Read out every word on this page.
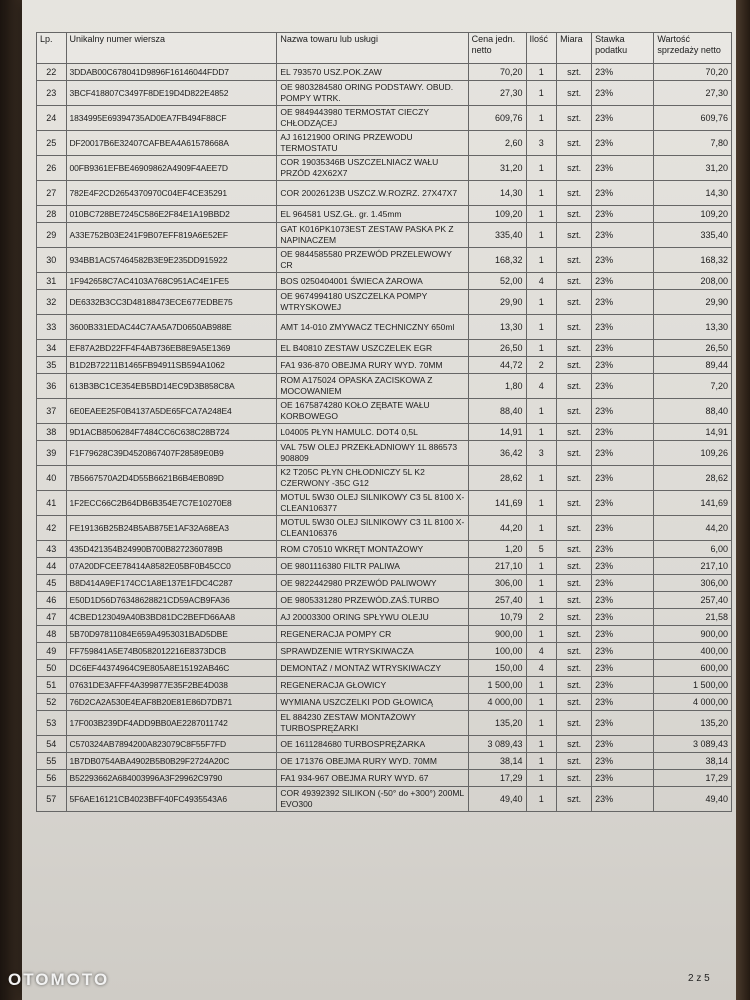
Lp.	Unikalny numer wiersza	Nazwa towaru lub usługi	Cena jedn. netto	Ilość	Miara	Stawka podatku	Wartość sprzedaży netto
22	3DDAB00C678041D9896F16146044FDD7	EL 793570 USZ.POK.ZAW	70,20	1	szt.	23%	70,20
23	3BCF418807C3497F8DE19D4D822E4852	OE 9803284580 ORING PODSTAWY. OBUD. POMPY WTRK.	27,30	1	szt.	23%	27,30
24	1834995E69394735AD0EA7FB494F88CF	OE 9849443980 TERMOSTAT CIECZY CHŁODZĄCEJ	609,76	1	szt.	23%	609,76
25	DF20017B6E32407CAFBEA4A61578668A	AJ 16121900 ORING PRZEWODU TERMOSTATU	2,60	3	szt.	23%	7,80
26	00FB9361EFBE46909862A4909F4AEE7D	COR 19035346B USZCZELNIACZ WAŁU PRZÓD 42X62X7	31,20	1	szt.	23%	31,20
27	782E4F2CD2654370970C04EF4CE35291	COR 20026123B USZCZ.W.ROZRZ. 27X47X7	14,30	1	szt.	23%	14,30
28	010BC728BE7245C586E2F84E1A19BBD2	EL 964581 USZ.GŁ. gr. 1.45mm	109,20	1	szt.	23%	109,20
29	A33E752B03E241F9B07EFF819A6E52EF	GAT K016PK1073EST ZESTAW PASKA PK Z NAPINACZEM	335,40	1	szt.	23%	335,40
30	934BB1AC57464582B3E9E235DD915922	OE 9844585580 PRZEWÓD PRZELEWOWY CR	168,32	1	szt.	23%	168,32
31	1F942658C7AC4103A768C951AC4E1FE5	BOS 0250404001 ŚWIECA ŻAROWA	52,00	4	szt.	23%	208,00
32	DE6332B3CC3D48188473ECE677EDBE75	OE 9674994180 USZCZELKA POMPY WTRYSKOWEJ	29,90	1	szt.	23%	29,90
33	3600B331EDAC44C7AA5A7D0650AB988E	AMT 14-010 ZMYWACZ TECHNICZNY 650ml	13,30	1	szt.	23%	13,30
34	EF87A2BD22FF4F4AB736EB8E9A5E1369	EL B40810 ZESTAW USZCZELEK EGR	26,50	1	szt.	23%	26,50
35	B1D2B72211B1465FB94911SB594A1062	FA1 936-870 OBEJMA RURY WYD. 70MM	44,72	2	szt.	23%	89,44
36	613B3BC1CE354EB5BD14EC9D3B858C8A	ROM A175024 OPASKA ZACISKOWA Z MOCOWANIEM	1,80	4	szt.	23%	7,20
37	6E0EAEE25F0B4137A5DE65FCA7A248E4	OE 1675874280 KOŁO ZĘBATE WAŁU KORBOWEGO	88,40	1	szt.	23%	88,40
38	9D1ACB8506284F7484CC6C638C28B724	L04005 PŁYN HAMULC. DOT4 0,5L	14,91	1	szt.	23%	14,91
39	F1F79628C39D4520867407F28589E0B9	VAL 75W OLEJ PRZEKŁADNIOWY 1L 886573 908809	36,42	3	szt.	23%	109,26
40	7B5667570A2D4D55B6621B6B4EB089D	K2 T205C PŁYN CHŁODNICZY 5L K2 CZERWONY -35C G12	28,62	1	szt.	23%	28,62
41	1F2ECC66C2B64DB6B354E7C7E10270E8	MOTUL 5W30 OLEJ SILNIKOWY C3 5L 8100 X-CLEAN106377	141,69	1	szt.	23%	141,69
42	FE19136B25B24B5AB875E1AF32A68EA3	MOTUL 5W30 OLEJ SILNIKOWY C3 1L 8100 X-CLEAN106376	44,20	1	szt.	23%	44,20
43	435D421354B24990B700B8272360789B	ROM C70510 WKRĘT MONTAŻOWY	1,20	5	szt.	23%	6,00
44	07A20DFCEE78414A8582E05BF0B45CC0	OE 9801116380 FILTR PALIWA	217,10	1	szt.	23%	217,10
45	B8D414A9EF174CC1A8E137E1FDC4C287	OE 9822442980 PRZEWÓD PALIWOWY	306,00	1	szt.	23%	306,00
46	E50D1D56D76348628821CD59ACB9FA36	OE 9805331280 PRZEWÓD.ZAŚ.TURBO	257,40	1	szt.	23%	257,40
47	4CBED123049A40B3BD81DC2BEFD66AA8	AJ 20003300 ORING SPŁYWU OLEJU	10,79	2	szt.	23%	21,58
48	5B70D97811084E659A4953031BAD5DBE	REGENERACJA POMPY CR	900,00	1	szt.	23%	900,00
49	FF759841A5E74B0582012216E8373DCB	SPRAWDZENIE WTRYSKIWACZA	100,00	4	szt.	23%	400,00
50	DC6EF44374964C9E805A8E15192AB46C	DEMONTAŻ / MONTAŻ WTRYSKIWACZY	150,00	4	szt.	23%	600,00
51	07631DE3AFFF4A399877E35F2BE4D038	REGENERACJA GŁOWICY	1 500,00	1	szt.	23%	1 500,00
52	76D2CA2A530E4EAF8B20E81E86D7DB71	WYMIANA USZCZELKI POD GŁOWICĄ	4 000,00	1	szt.	23%	4 000,00
53	17F003B239DF4ADD9BB0AE2287011742	EL 884230 ZESTAW MONTAŻOWY TURBOSPRĘŻARKI	135,20	1	szt.	23%	135,20
54	C570324AB7894200A823079C8F55F7FD	OE 1611284680 TURBOSPRĘŻARKA	3 089,43	1	szt.	23%	3 089,43
55	1B7DB0754ABA4902B5B0B29F2724A20C	OE 171376 OBEJMA RURY WYD. 70MM	38,14	1	szt.	23%	38,14
56	B52293662A684003996A3F29962C9790	FA1 934-967 OBEJMA RURY WYD. 67	17,29	1	szt.	23%	17,29
57	5F6AE16121CB4023BFF40FC4935543A6	COR 49392392 SILIKON (-50° do +300°) 200ML EVO300	49,40	1	szt.	23%	49,40
OTOMOTO	2 z 5
